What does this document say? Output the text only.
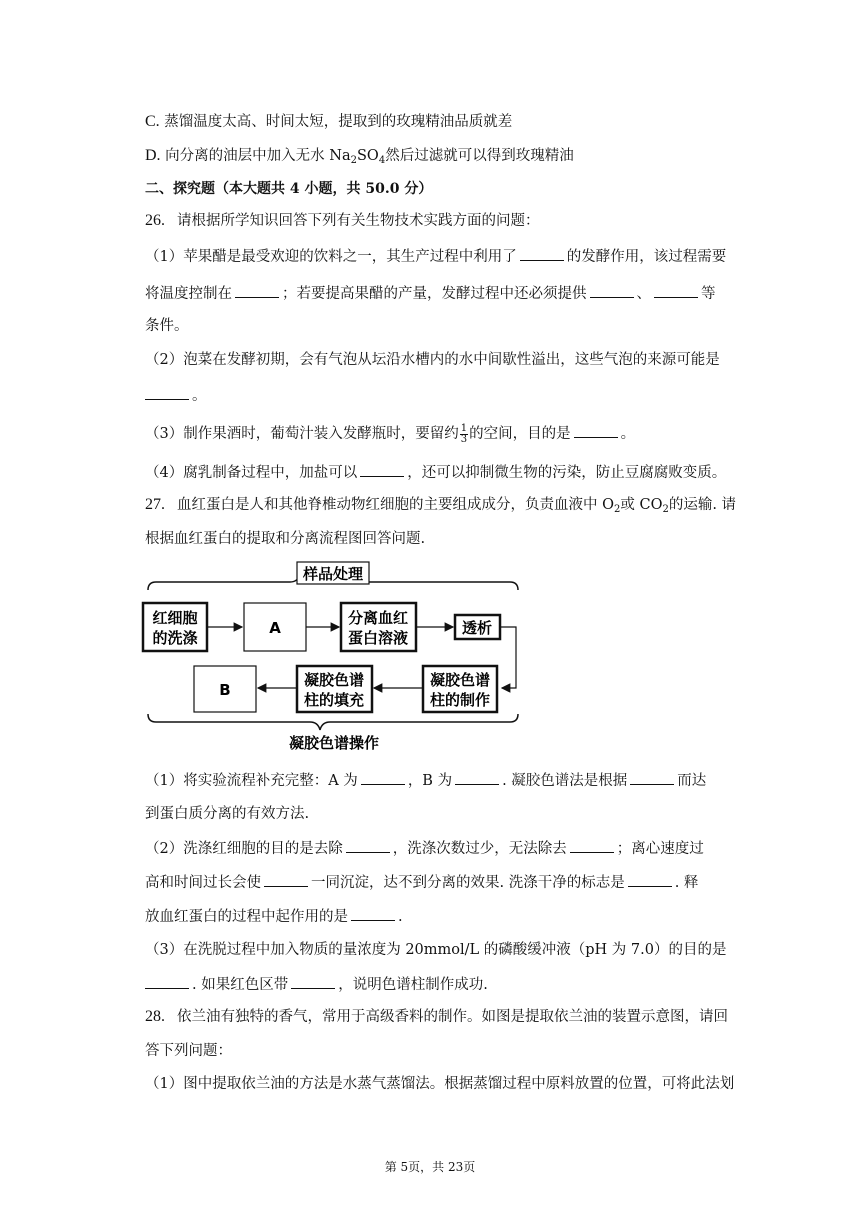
C. 蒸馏温度太高、时间太短，提取到的玫瑰精油品质就差
D. 向分离的油层中加入无水 $Na_2SO_4$然后过滤就可以得到玫瑰精油
二、探究题（本大题共 4 小题，共 50.0 分）
26. 请根据所学知识回答下列有关生物技术实践方面的问题：
（1）苹果醋是最受欢迎的饮料之一，其生产过程中利用了	的发酵作用，该过程需要
将温度控制在	；若要提高果醋的产量，发酵过程中还必须提供	、	等
条件。
（2）泡菜在发酵初期，会有气泡从坛沿水槽内的水中间歇性溢出，这些气泡的来源可能是
。
（3）制作果酒时，葡萄汁装入发酵瓶时，要留约 $\frac{1}{3}$ 的空间，目的是	。
（4）腐乳制备过程中，加盐可以	，还可以抑制微生物的污染，防止豆腐腐败变质。
27. 血红蛋白是人和其他脊椎动物红细胞的主要组成成分，负责血液中 $O_2$或 $CO_2$的运输. 请
根据血红蛋白的提取和分离流程图回答问题.
样品处理
红细胞
的洗涤
A
分离血红
蛋白溶液
透析
凝胶色谱
柱的制作
凝胶色谱
柱的填充
B
凝胶色谱操作
（1）将实验流程补充完整：A 为	，B 为	. 凝胶色谱法是根据	而达
到蛋白质分离的有效方法.
（2）洗涤红细胞的目的是去除	，洗涤次数过少，无法除去	；离心速度过
高和时间过长会使	一同沉淀，达不到分离的效果. 洗涤干净的标志是	. 释
放血红蛋白的过程中起作用的是	.
（3）在洗脱过程中加入物质的量浓度为 20mmol/L 的磷酸缓冲液（pH 为 7.0）的目的是
. 如果红色区带	，说明色谱柱制作成功.
28. 依兰油有独特的香气，常用于高级香料的制作。如图是提取依兰油的装置示意图，请回
答下列问题：
（1）图中提取依兰油的方法是水蒸气蒸馏法。根据蒸馏过程中原料放置的位置，可将此法划
第 5页，共 23页
